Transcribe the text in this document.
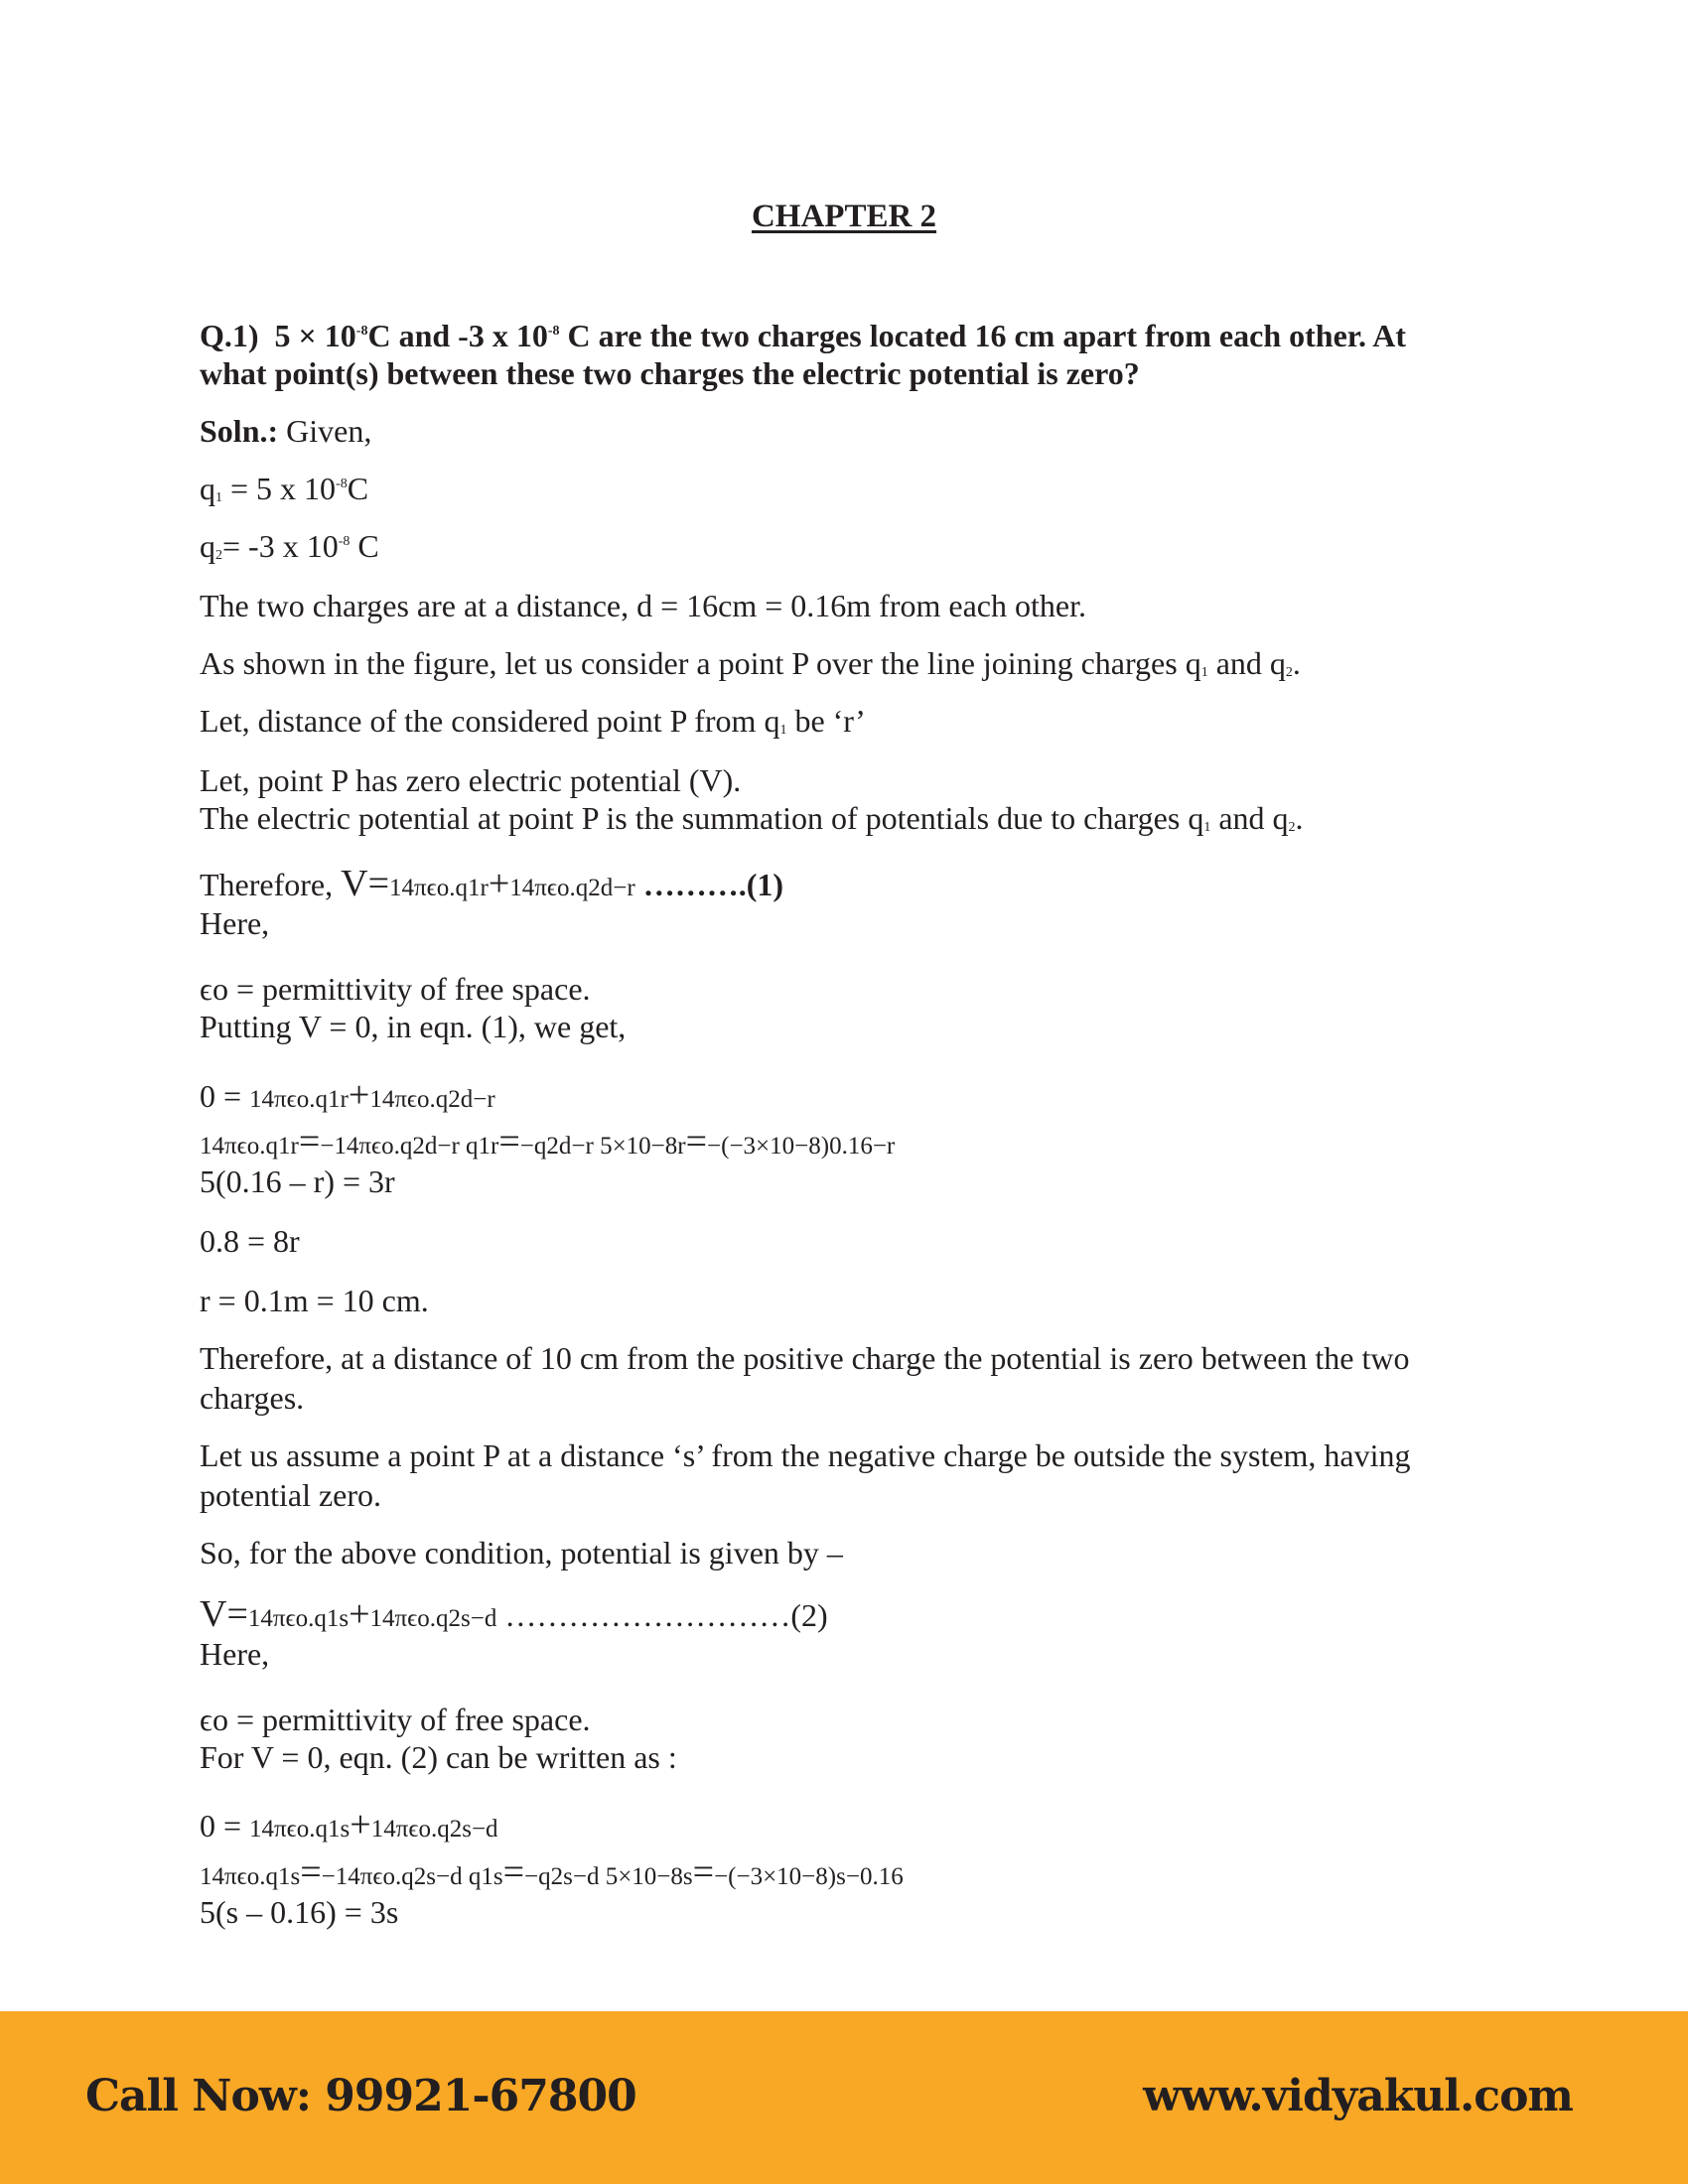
CHAPTER 2
Q.1) $5 \times 10^{-8}C$ and -3 x $10^{-8}$ C are the two charges located 16 cm apart from each other. At
what point(s) between these two charges the electric potential is zero?
Soln.: Given,
$q_1 = 5$ x $10^{-8}C$
$q_2= -3$ x $10^{-8}$ C
The two charges are at a distance, d = 16cm = 0.16m from each other.
As shown in the figure, let us consider a point P over the line joining charges $q_1$ and $q_2$.
Let, distance of the considered point P from $q_1$ be ‘r’
Let, point P has zero electric potential (V).
The electric potential at point P is the summation of potentials due to charges $q_1$ and $q_2$.
Therefore, V=14πϵo.q1r+14πϵo.q2d−r ……….(1)
Here,
ϵo = permittivity of free space.
Putting V = 0, in eqn. (1), we get,
0 = 14πϵo.q1r+14πϵo.q2d−r
14πϵo.q1r=−14πϵo.q2d−r q1r=−q2d−r 5×10−8r=−(−3×10−8)0.16−r
5(0.16 – r) = 3r
0.8 = 8r
r = 0.1m = 10 cm.
Therefore, at a distance of 10 cm from the positive charge the potential is zero between the two charges.
Let us assume a point P at a distance ‘s’ from the negative charge be outside the system, having potential zero.
So, for the above condition, potential is given by –
V=14πϵo.q1s+14πϵo.q2s−d ………………………(2)
Here,
ϵo = permittivity of free space.
For V = 0, eqn. (2) can be written as :
0 = 14πϵo.q1s+14πϵo.q2s−d
14πϵo.q1s=−14πϵo.q2s−d q1s=−q2s−d 5×10−8s=−(−3×10−8)s−0.16
5(s – 0.16) = 3s
Call Now: 99921-67800	www.vidyakul.com
